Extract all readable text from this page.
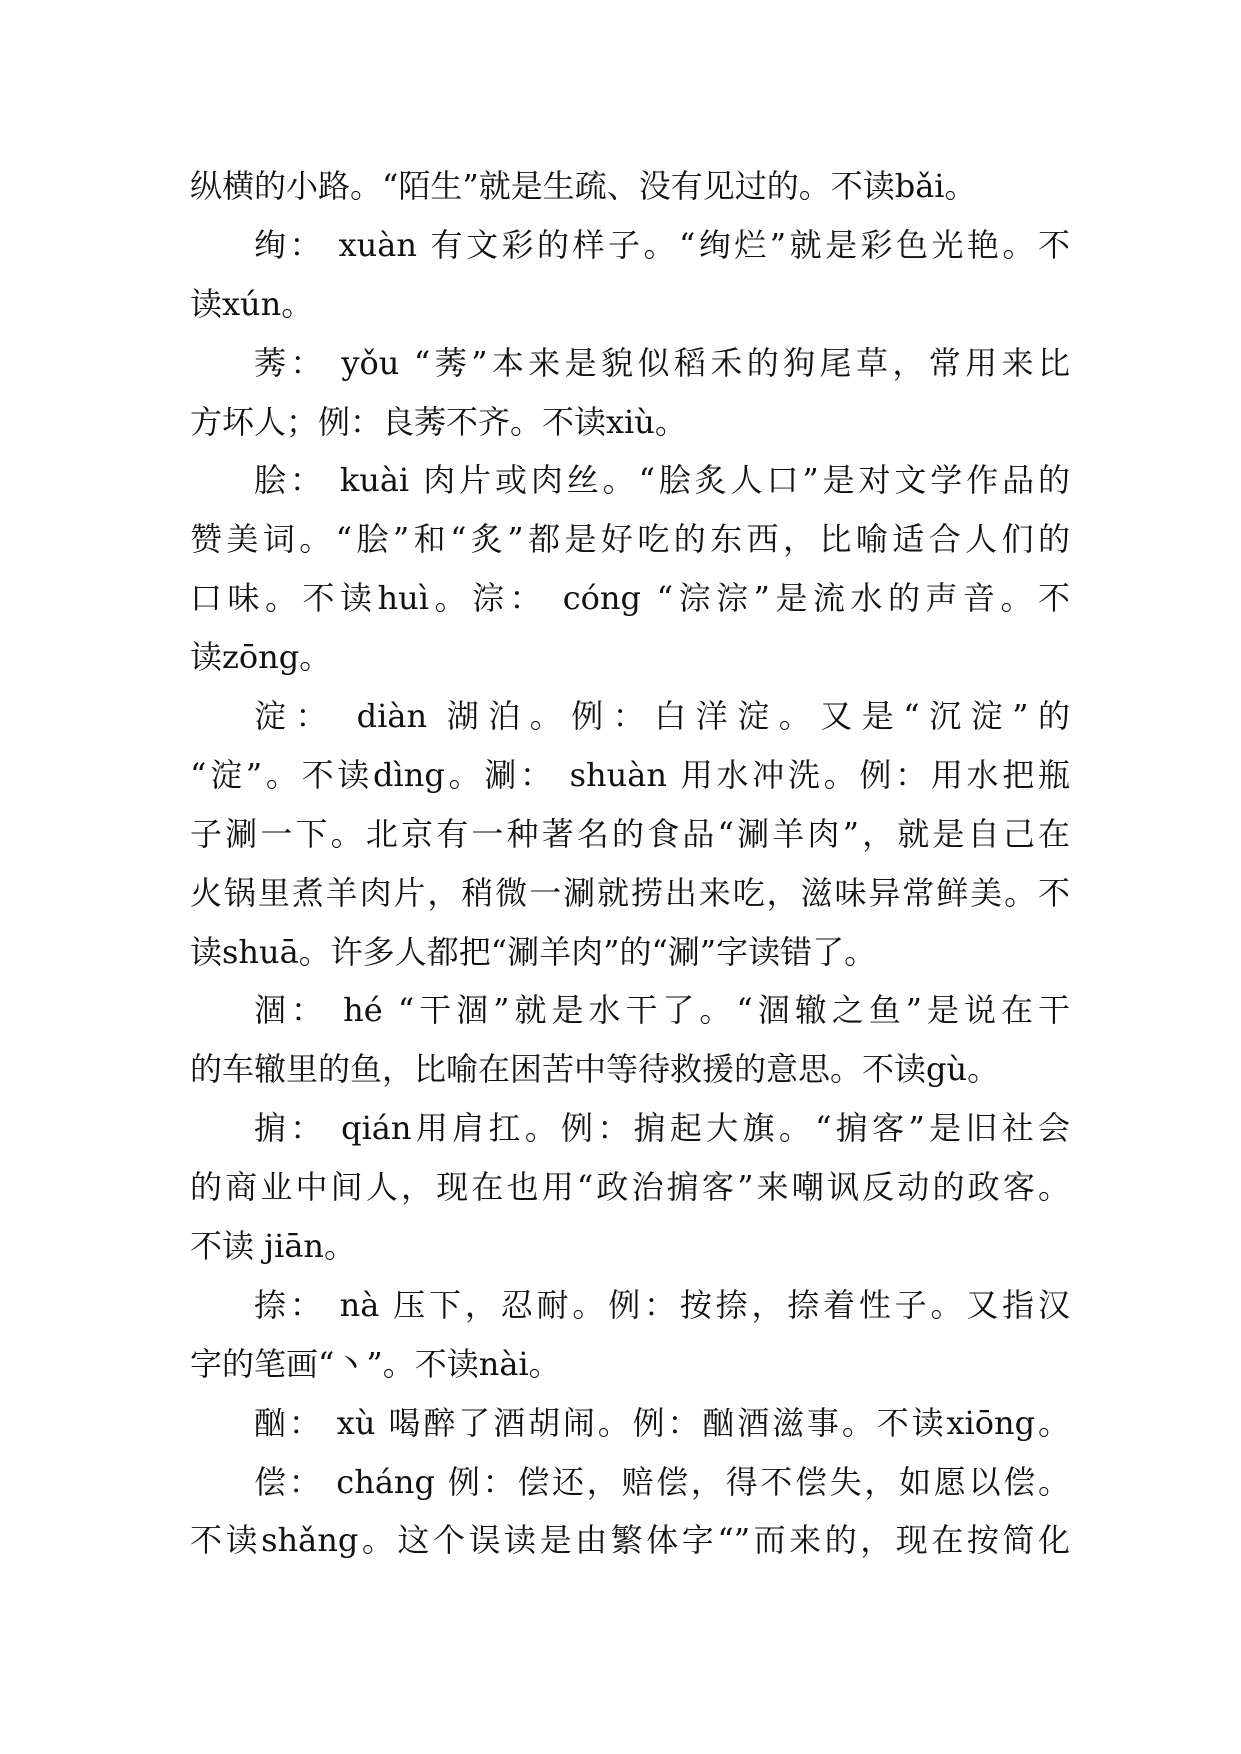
纵横的小路。“陌生”就是生疏、没有见过的。不读bǎi。
绚： xuàn 有文彩的样子。“绚烂”就是彩色光艳。不
读xún。
莠： yǒu “莠”本来是貌似稻禾的狗尾草，常用来比
方坏人；例：良莠不齐。不读xiù。
脍： kuài 肉片或肉丝。“脍炙人口”是对文学作品的
赞美词。“脍”和“炙”都是好吃的东西，比喻适合人们的
口味。不读huì。淙： cóng “淙淙”是流水的声音。不
读zōng。
淀： diàn 湖泊。例：白洋淀。又是“沉淀”的
“淀”。不读dìng。涮： shuàn 用水冲洗。例：用水把瓶
子涮一下。北京有一种著名的食品“涮羊肉”，就是自己在
火锅里煮羊肉片，稍微一涮就捞出来吃，滋味异常鲜美。不
读shuā。许多人都把“涮羊肉”的“涮”字读错了。
涸： hé “干涸”就是水干了。“涸辙之鱼”是说在干
的车辙里的鱼，比喻在困苦中等待救援的意思。不读gù。
掮： qián用肩扛。例：掮起大旗。“掮客”是旧社会
的商业中间人，现在也用“政治掮客”来嘲讽反动的政客。
不读 jiān。
捺： nà 压下，忍耐。例：按捺，捺着性子。又指汉
字的笔画“丶”。不读nài。
酗： xù 喝醉了酒胡闹。例：酗酒滋事。不读xiōng。
偿： cháng 例：偿还，赔偿，得不偿失，如愿以偿。
不读shǎng。这个误读是由繁体字“”而来的，现在按简化
